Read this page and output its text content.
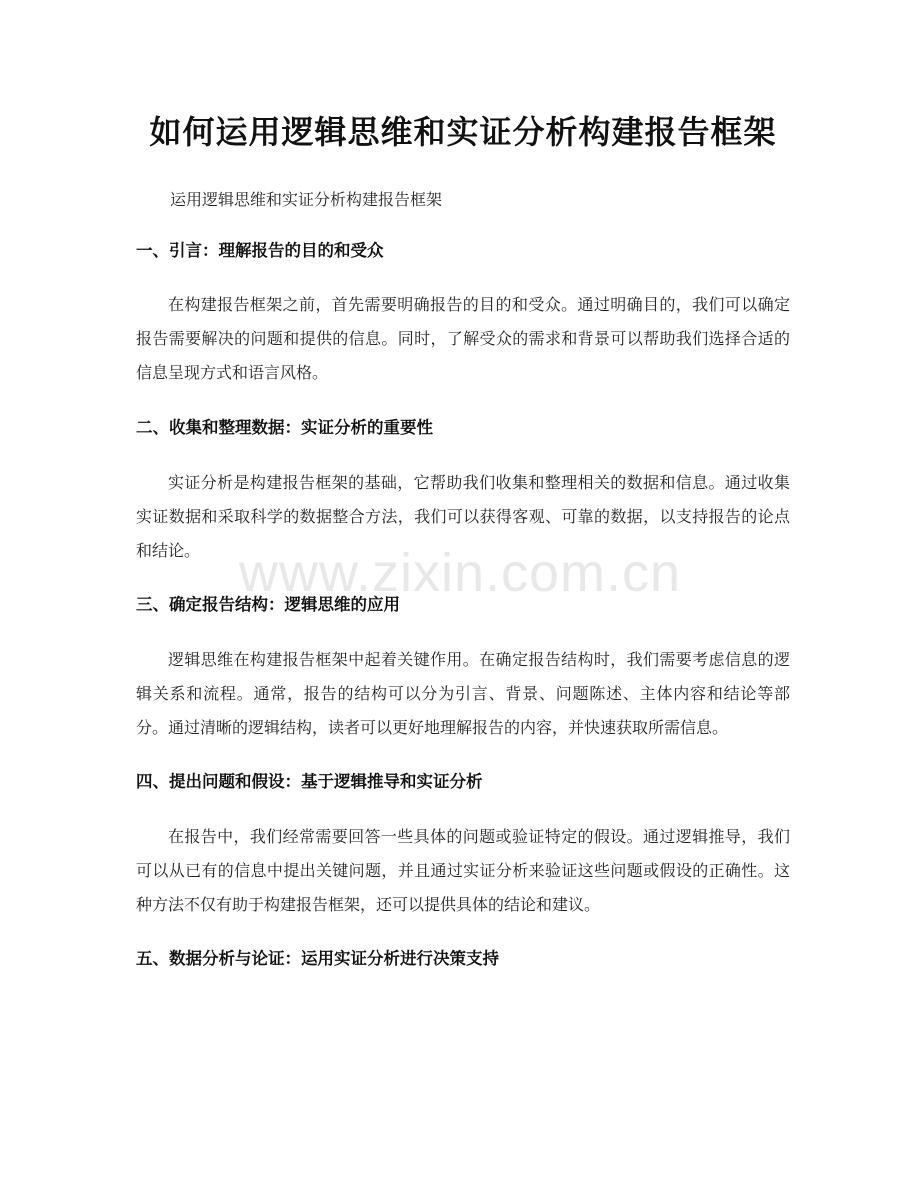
如何运用逻辑思维和实证分析构建报告框架

运用逻辑思维和实证分析构建报告框架

一、引言：理解报告的目的和受众

在构建报告框架之前，首先需要明确报告的目的和受众。通过明确目的，我们可以确定报告需要解决的问题和提供的信息。同时，了解受众的需求和背景可以帮助我们选择合适的信息呈现方式和语言风格。

二、收集和整理数据：实证分析的重要性

实证分析是构建报告框架的基础，它帮助我们收集和整理相关的数据和信息。通过收集实证数据和采取科学的数据整合方法，我们可以获得客观、可靠的数据，以支持报告的论点和结论。

三、确定报告结构：逻辑思维的应用

逻辑思维在构建报告框架中起着关键作用。在确定报告结构时，我们需要考虑信息的逻辑关系和流程。通常，报告的结构可以分为引言、背景、问题陈述、主体内容和结论等部分。通过清晰的逻辑结构，读者可以更好地理解报告的内容，并快速获取所需信息。

四、提出问题和假设：基于逻辑推导和实证分析

在报告中，我们经常需要回答一些具体的问题或验证特定的假设。通过逻辑推导，我们可以从已有的信息中提出关键问题，并且通过实证分析来验证这些问题或假设的正确性。这种方法不仅有助于构建报告框架，还可以提供具体的结论和建议。

五、数据分析与论证：运用实证分析进行决策支持
www.zixin.com.cn
